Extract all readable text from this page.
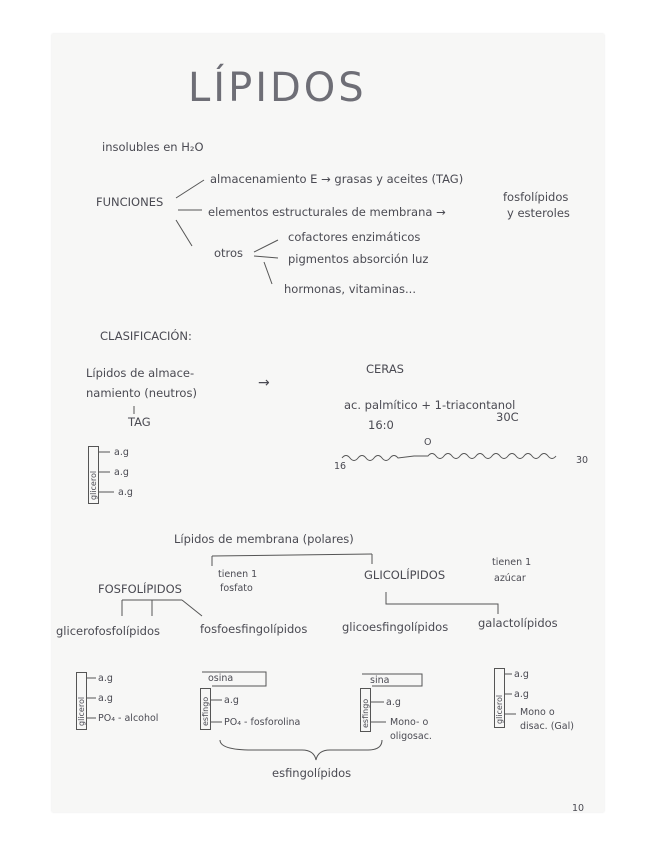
LÍPIDOS
insolubles en H₂O
FUNCIONES
almacenamiento E → grasas y aceites (TAG)
elementos estructurales de membrana →
fosfolípidos
y esteroles
otros
cofactores enzimáticos
pigmentos absorción luz
hormonas, vitaminas...
CLASIFICACIÓN:
Lípidos de almace-
namiento (neutros)
TAG
→
CERAS
ac. palmítico + 1-triacontanol
16:0
30C
16
30
O
glicerol
a.g
a.g
a.g
Lípidos de membrana (polares)
FOSFOLÍPIDOS
tienen 1
fosfato
GLICOLÍPIDOS
tienen 1
azúcar
glicerofosfolípidos	fosfoesfingolípidos	glicoesfingolípidos	galactolípidos
glicerol
a.g
a.g
PO₄ - alcohol
osina
esfingo a.g
PO₄ - fosforolina
sina
esfingo a.g
Mono- o
oligosac.
glicerol
a.g
a.g
Mono o
disac. (Gal)
esfingolípidos
10
